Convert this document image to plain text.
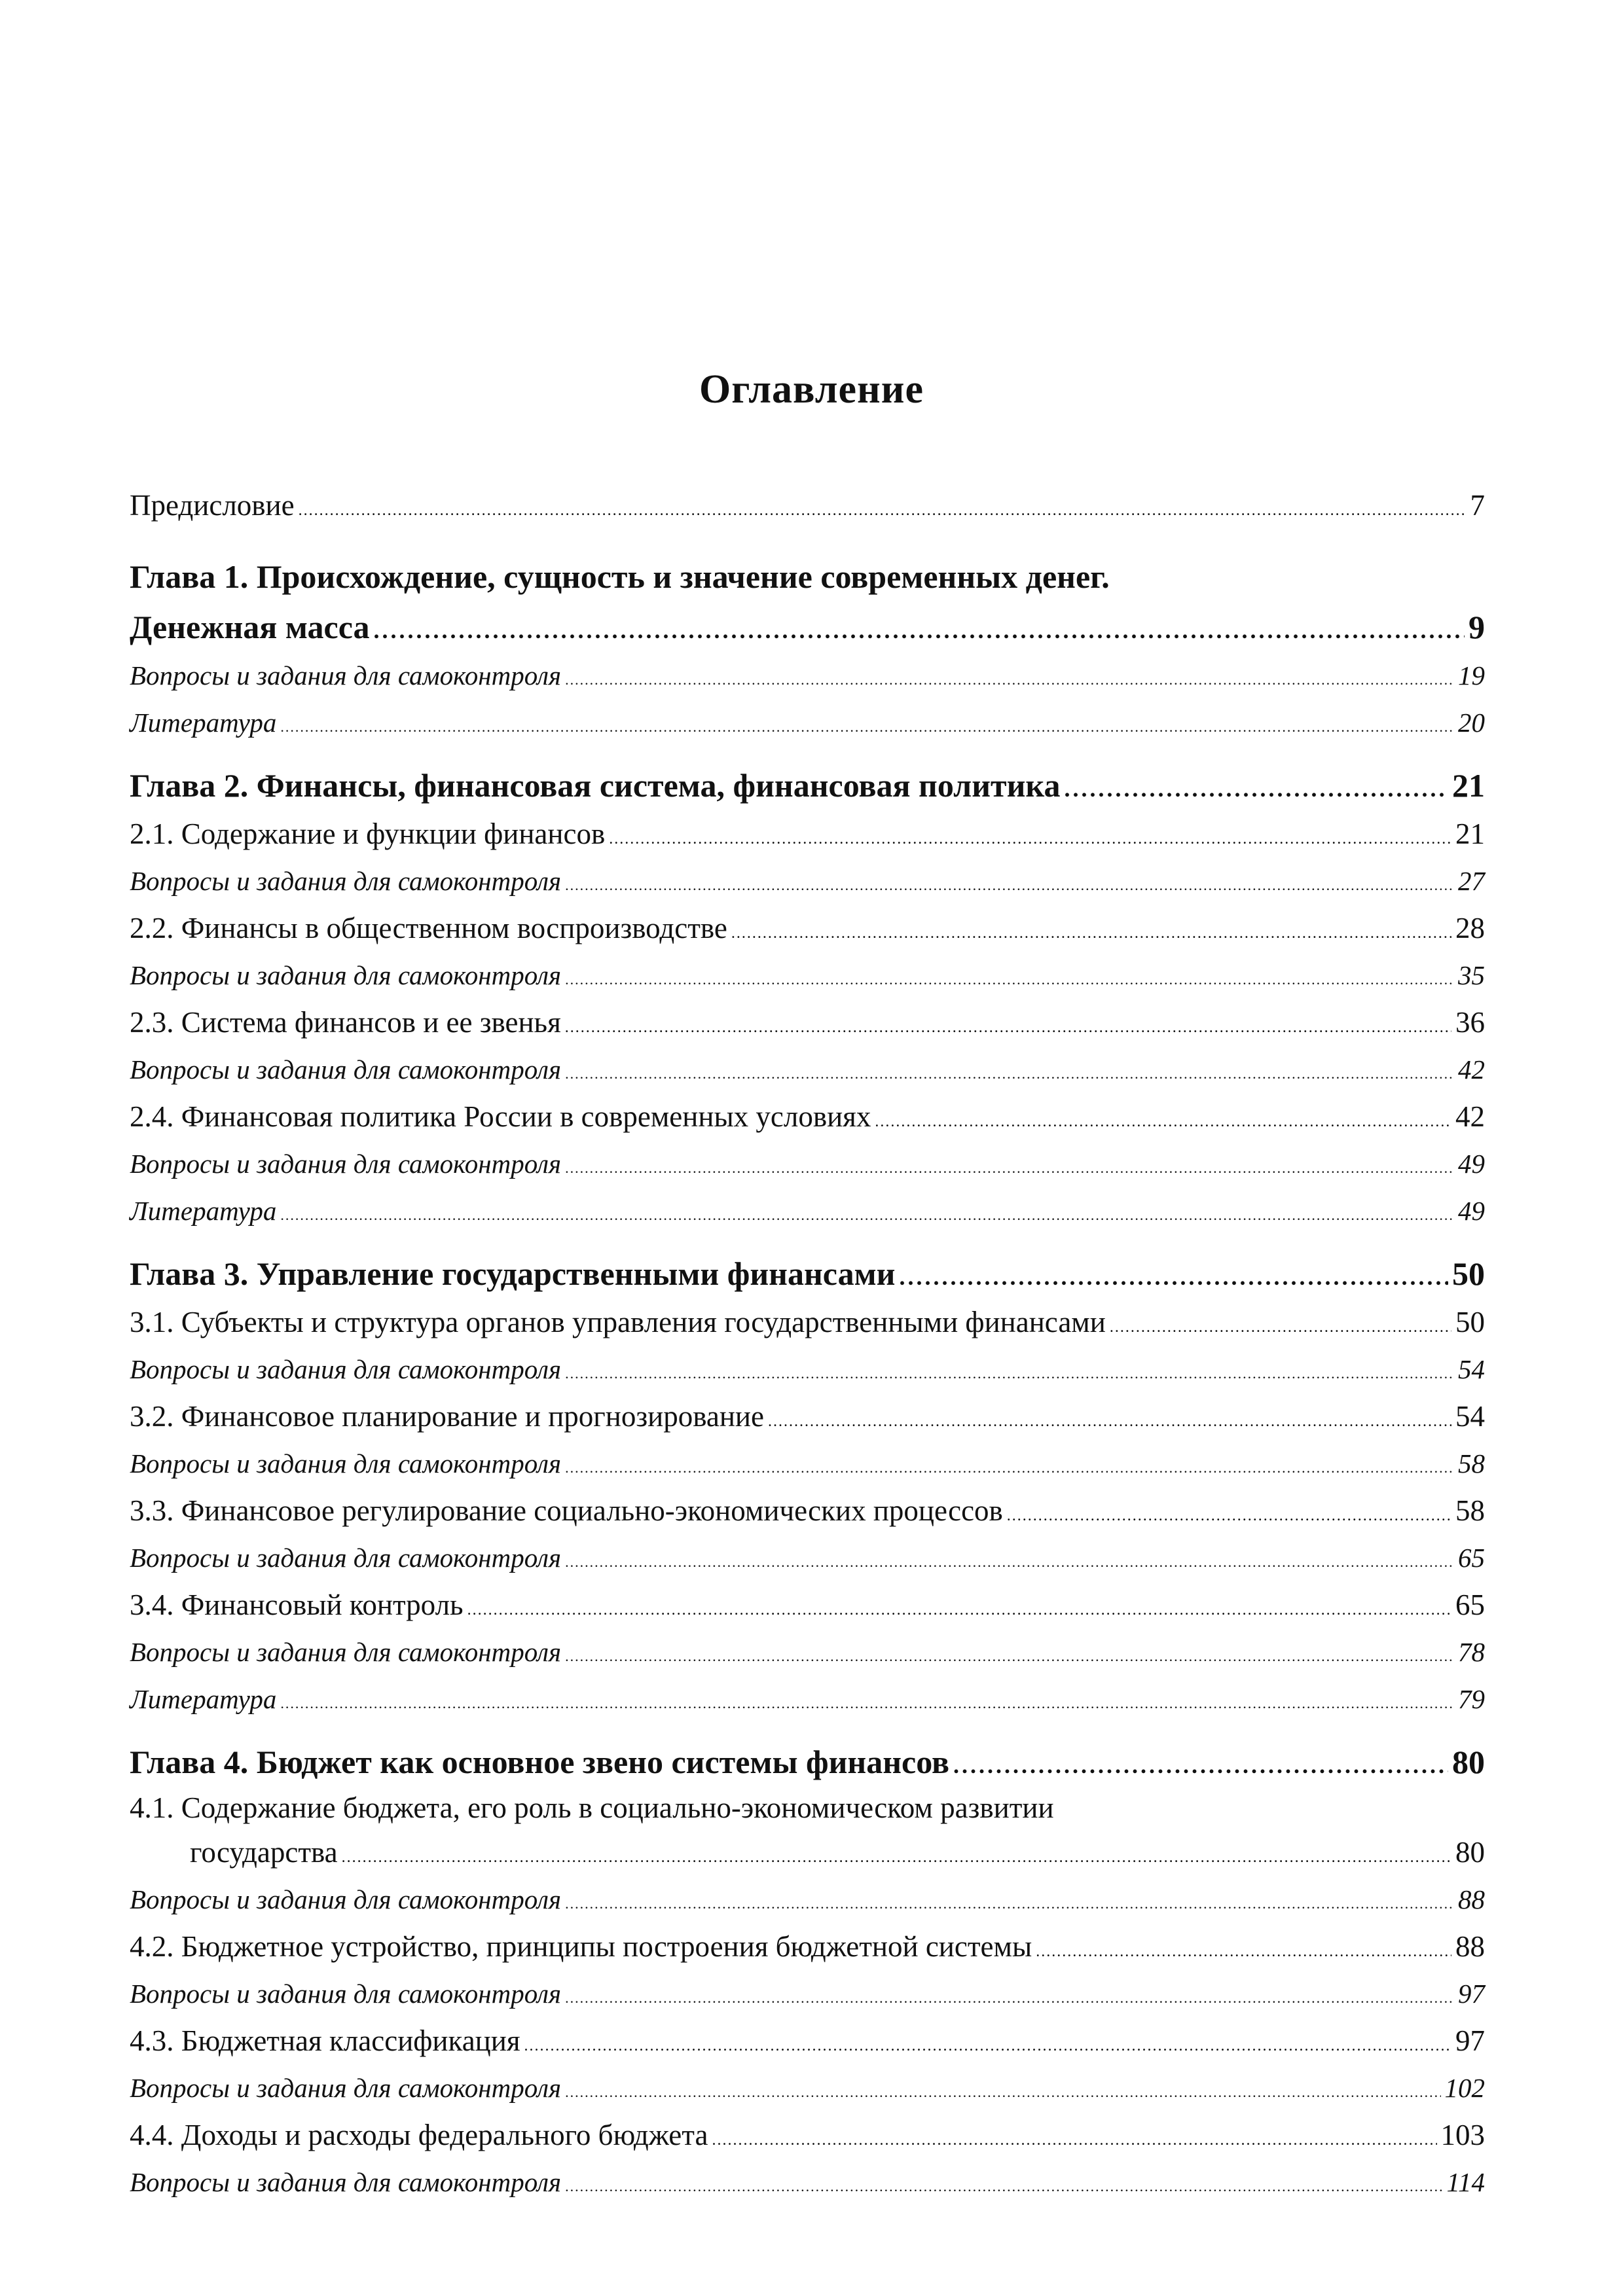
Оглавление
Предисловие .....	7
Глава 1. Происхождение, сущность и значение современных денег.
Денежная масса .....	9
Вопросы и задания для самоконтроля .....	19
Литература .....	20
Глава 2. Финансы, финансовая система, финансовая политика .....	21
2.1. Содержание и функции финансов .....	21
Вопросы и задания для самоконтроля .....	27
2.2. Финансы в общественном воспроизводстве .....	28
Вопросы и задания для самоконтроля .....	35
2.3. Система финансов и ее звенья .....	36
Вопросы и задания для самоконтроля .....	42
2.4. Финансовая политика России в современных условиях .....	42
Вопросы и задания для самоконтроля .....	49
Литература .....	49
Глава 3. Управление государственными финансами .....	50
3.1. Субъекты и структура органов управления государственными финансами .....	50
Вопросы и задания для самоконтроля .....	54
3.2. Финансовое планирование и прогнозирование .....	54
Вопросы и задания для самоконтроля .....	58
3.3. Финансовое регулирование социально-экономических процессов .....	58
Вопросы и задания для самоконтроля .....	65
3.4. Финансовый контроль .....	65
Вопросы и задания для самоконтроля .....	78
Литература .....	79
Глава 4. Бюджет как основное звено системы финансов .....	80
4.1. Содержание бюджета, его роль в социально-экономическом развитии
государства .....	80
Вопросы и задания для самоконтроля .....	88
4.2. Бюджетное устройство, принципы построения бюджетной системы .....	88
Вопросы и задания для самоконтроля .....	97
4.3. Бюджетная классификация .....	97
Вопросы и задания для самоконтроля .....	102
4.4. Доходы и расходы федерального бюджета .....	103
Вопросы и задания для самоконтроля .....	114
